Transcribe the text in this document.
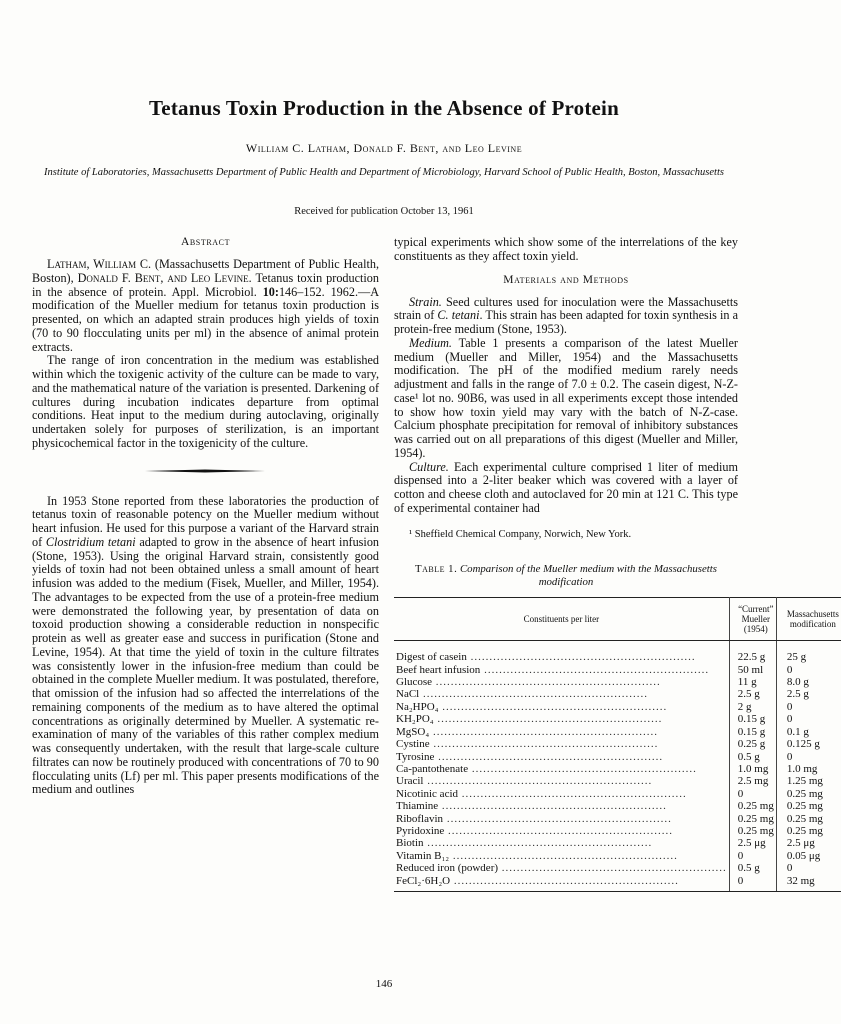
Tetanus Toxin Production in the Absence of Protein
William C. Latham, Donald F. Bent, and Leo Levine
Institute of Laboratories, Massachusetts Department of Public Health and Department of Microbiology, Harvard School of Public Health, Boston, Massachusetts
Received for publication October 13, 1961
Abstract

Latham, William C. (Massachusetts Department of Public Health, Boston), Donald F. Bent, and Leo Levine. Tetanus toxin production in the absence of protein. Appl. Microbiol. 10:146–152. 1962.—A modification of the Mueller medium for tetanus toxin production is presented, on which an adapted strain produces high yields of toxin (70 to 90 flocculating units per ml) in the absence of animal protein extracts.

The range of iron concentration in the medium was established within which the toxigenic activity of the culture can be made to vary, and the mathematical nature of the variation is presented. Darkening of cultures during incubation indicates departure from optimal conditions. Heat input to the medium during autoclaving, originally undertaken solely for purposes of sterilization, is an important physicochemical factor in the toxigenicity of the culture.

In 1953 Stone reported from these laboratories the production of tetanus toxin of reasonable potency on the Mueller medium without heart infusion. He used for this purpose a variant of the Harvard strain of Clostridium tetani adapted to grow in the absence of heart infusion (Stone, 1953). Using the original Harvard strain, consistently good yields of toxin had not been obtained unless a small amount of heart infusion was added to the medium (Fisek, Mueller, and Miller, 1954). The advantages to be expected from the use of a protein-free medium were demonstrated the following year, by presentation of data on toxoid production showing a considerable reduction in nonspecific protein as well as greater ease and success in purification (Stone and Levine, 1954). At that time the yield of toxin in the culture filtrates was consistently lower in the infusion-free medium than could be obtained in the complete Mueller medium. It was postulated, therefore, that omission of the infusion had so affected the interrelations of the remaining components of the medium as to have altered the optimal concentrations as originally determined by Mueller. A systematic re-examination of many of the variables of this rather complex medium was consequently undertaken, with the result that large-scale culture filtrates can now be routinely produced with concentrations of 70 to 90 flocculating units (Lf) per ml. This paper presents modifications of the medium and outlines

typical experiments which show some of the interrelations of the key constituents as they affect toxin yield.

Materials and Methods

Strain. Seed cultures used for inoculation were the Massachusetts strain of C. tetani. This strain has been adapted for toxin synthesis in a protein-free medium (Stone, 1953).

Medium. Table 1 presents a comparison of the latest Mueller medium (Mueller and Miller, 1954) and the Massachusetts modification. The pH of the modified medium rarely needs adjustment and falls in the range of 7.0 ± 0.2. The casein digest, N-Z-case¹ lot no. 90B6, was used in all experiments except those intended to show how toxin yield may vary with the batch of N-Z-case. Calcium phosphate precipitation for removal of inhibitory substances was carried out on all preparations of this digest (Mueller and Miller, 1954).

Culture. Each experimental culture comprised 1 liter of medium dispensed into a 2-liter beaker which was covered with a layer of cotton and cheese cloth and autoclaved for 20 min at 121 C. This type of experimental container had

¹ Sheffield Chemical Company, Norwich, New York.

Table 1. Comparison of the Mueller medium with the Massachusetts modification
Constituents per liter	“Current” Mueller (1954)	Massachusetts modification
Digest of casein ............................................................	22.5 g	25 g
Beef heart infusion ............................................................	50 ml	0
Glucose ............................................................	11 g	8.0 g
NaCl ............................................................	2.5 g	2.5 g
Na₂HPO₄ ............................................................	2 g	0
KH₂PO₄ ............................................................	0.15 g	0
MgSO₄ ............................................................	0.15 g	0.1 g
Cystine ............................................................	0.25 g	0.125 g
Tyrosine ............................................................	0.5 g	0
Ca-pantothenate ............................................................	1.0 mg	1.0 mg
Uracil ............................................................	2.5 mg	1.25 mg
Nicotinic acid ............................................................	0	0.25 mg
Thiamine ............................................................	0.25 mg	0.25 mg
Riboflavin ............................................................	0.25 mg	0.25 mg
Pyridoxine ............................................................	0.25 mg	0.25 mg
Biotin ............................................................	2.5 μg	2.5 μg
Vitamin B₁₂ ............................................................	0	0.05 μg
Reduced iron (powder) ............................................................	0.5 g	0
FeCl₂·6H₂O ............................................................	0	32 mg
146
